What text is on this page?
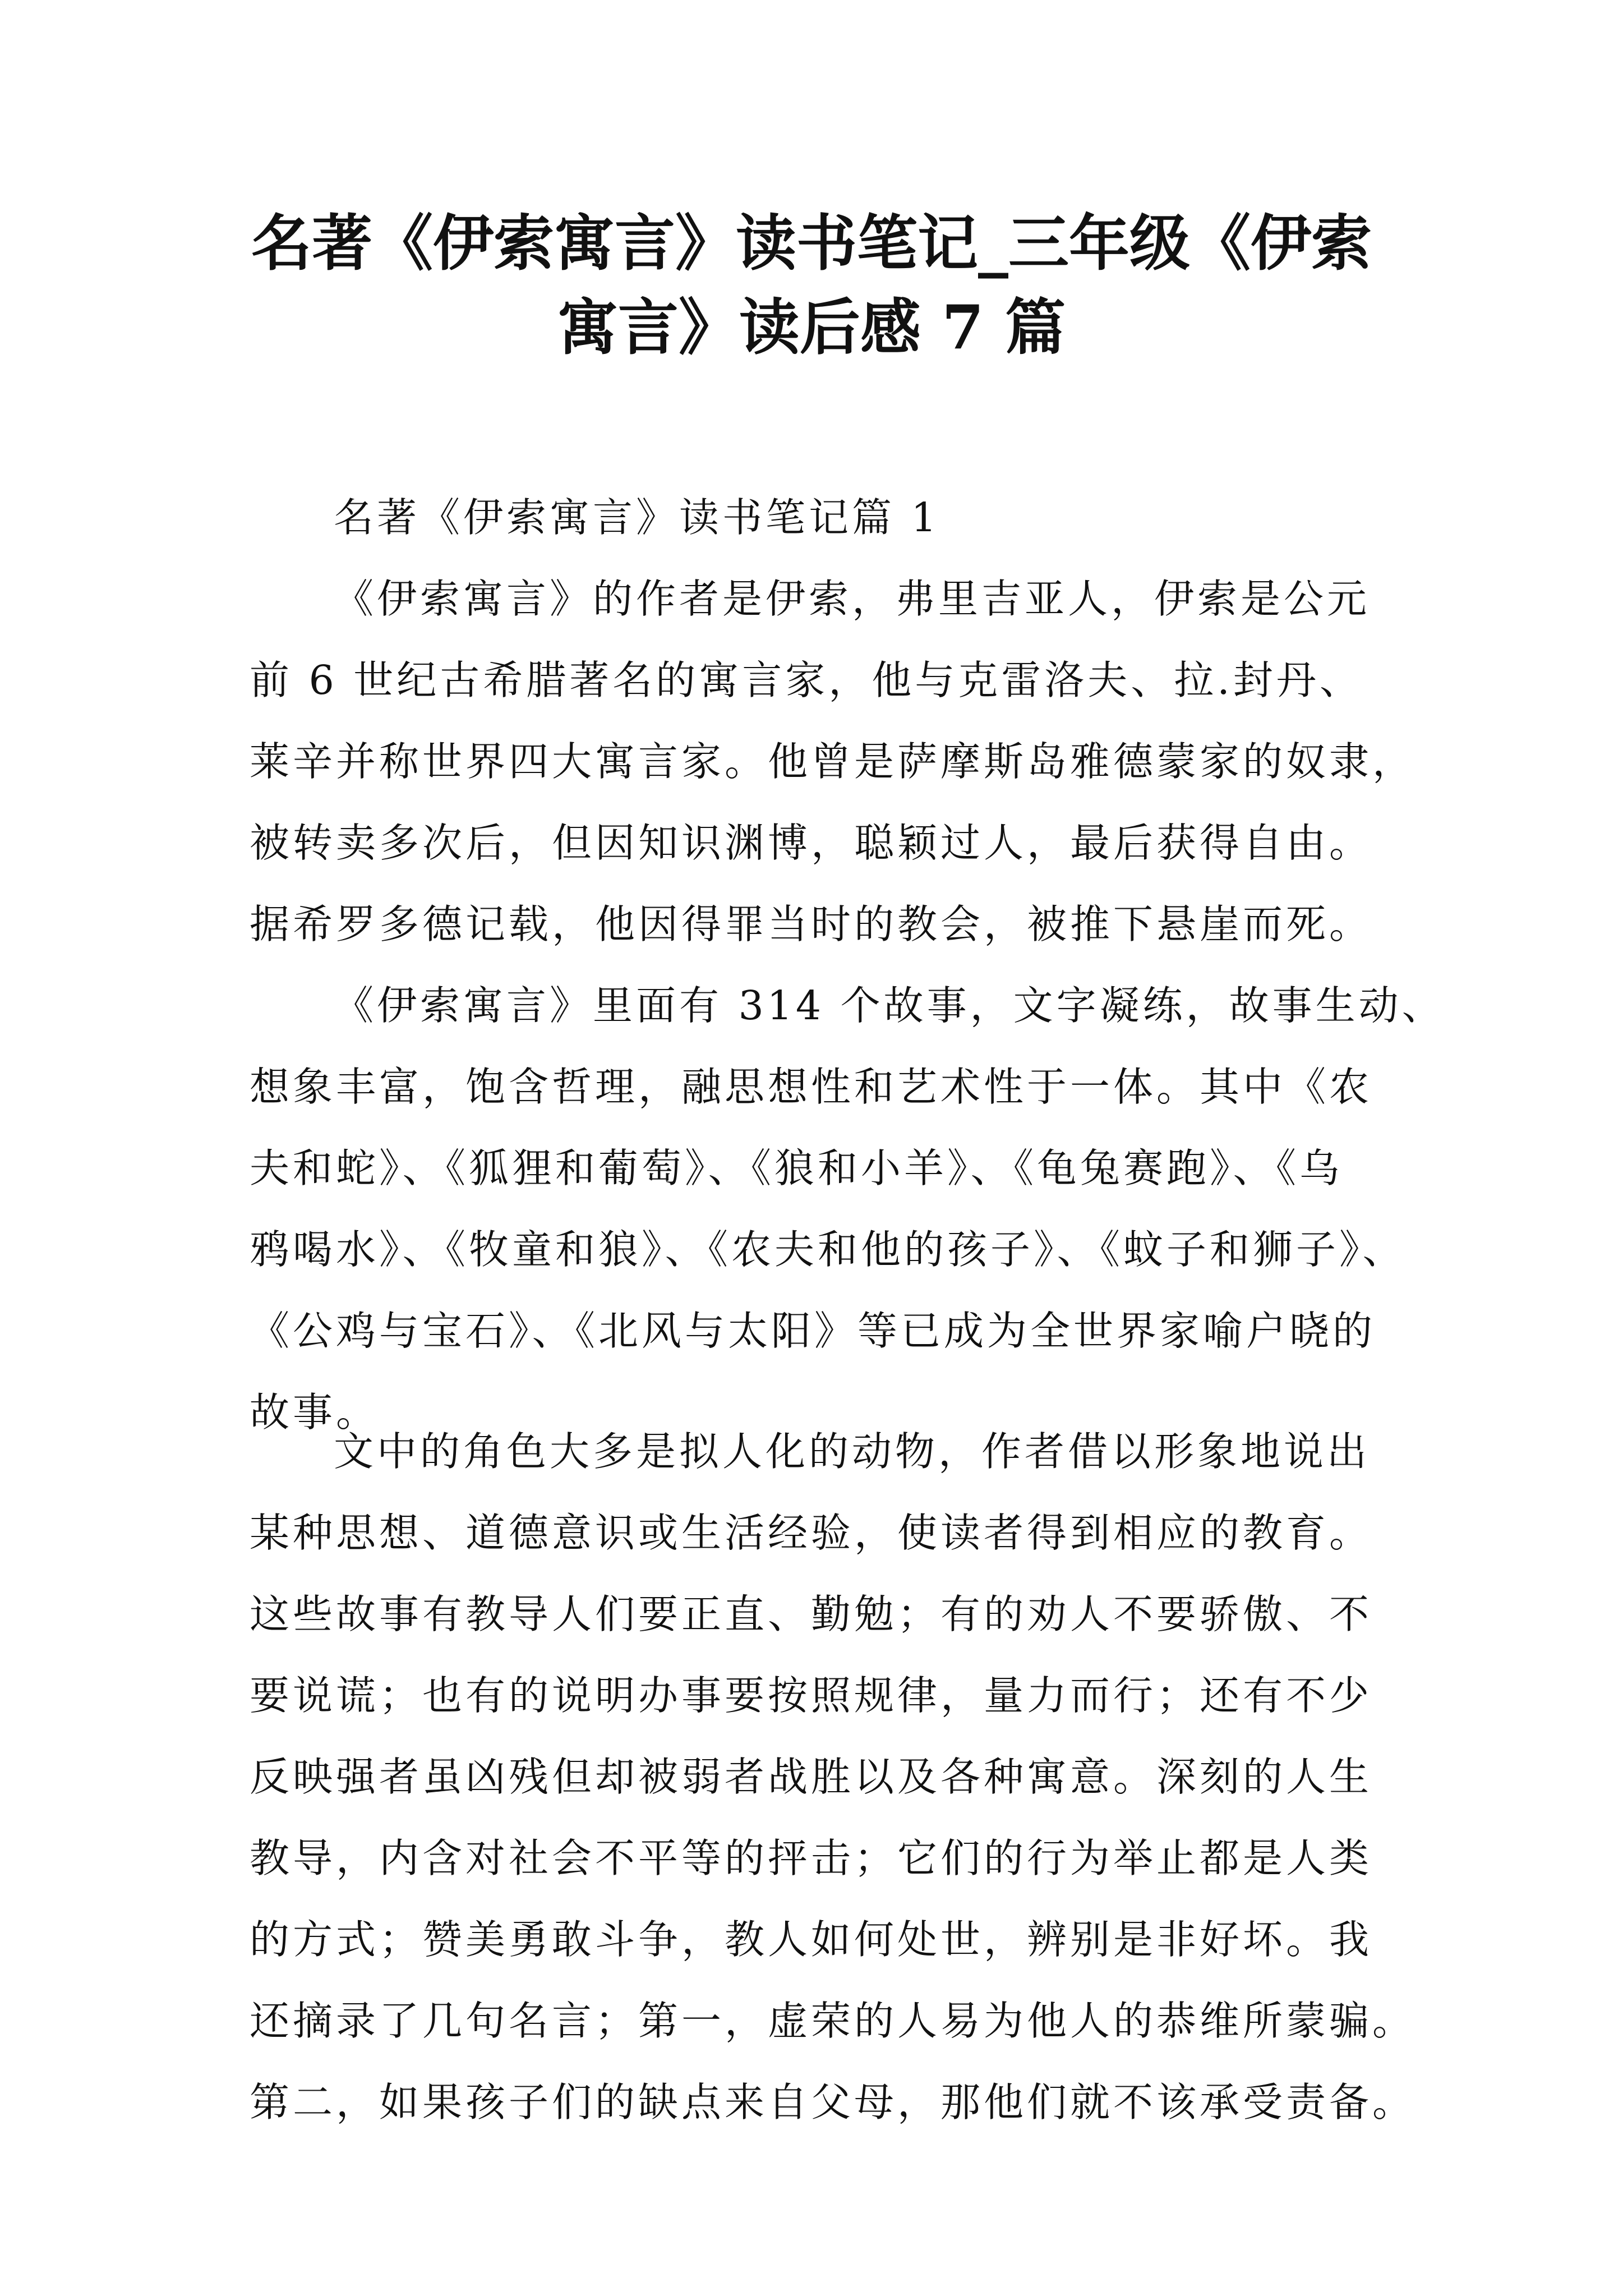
名著《伊索寓言》读书笔记_三年级《伊索
寓言》读后感 7 篇
名著《伊索寓言》读书笔记篇 1
《伊索寓言》的作者是伊索，弗里吉亚人，伊索是公元
前 6 世纪古希腊著名的寓言家，他与克雷洛夫、拉.封丹、
莱辛并称世界四大寓言家。他曾是萨摩斯岛雅德蒙家的奴隶，
被转卖多次后，但因知识渊博，聪颖过人，最后获得自由。
据希罗多德记载，他因得罪当时的教会，被推下悬崖而死。
《伊索寓言》里面有 314 个故事，文字凝练，故事生动、
想象丰富，饱含哲理，融思想性和艺术性于一体。其中《农
夫和蛇》、《狐狸和葡萄》、《狼和小羊》、《龟兔赛跑》、《乌
鸦喝水》、《牧童和狼》、《农夫和他的孩子》、《蚊子和狮子》、
《公鸡与宝石》、《北风与太阳》等已成为全世界家喻户晓的
故事。
文中的角色大多是拟人化的动物，作者借以形象地说出
某种思想、道德意识或生活经验，使读者得到相应的教育。
这些故事有教导人们要正直、勤勉；有的劝人不要骄傲、不
要说谎；也有的说明办事要按照规律，量力而行；还有不少
反映强者虽凶残但却被弱者战胜以及各种寓意。深刻的人生
教导，内含对社会不平等的抨击；它们的行为举止都是人类
的方式；赞美勇敢斗争，教人如何处世，辨别是非好坏。我
还摘录了几句名言；第一，虚荣的人易为他人的恭维所蒙骗。
第二，如果孩子们的缺点来自父母，那他们就不该承受责备。
